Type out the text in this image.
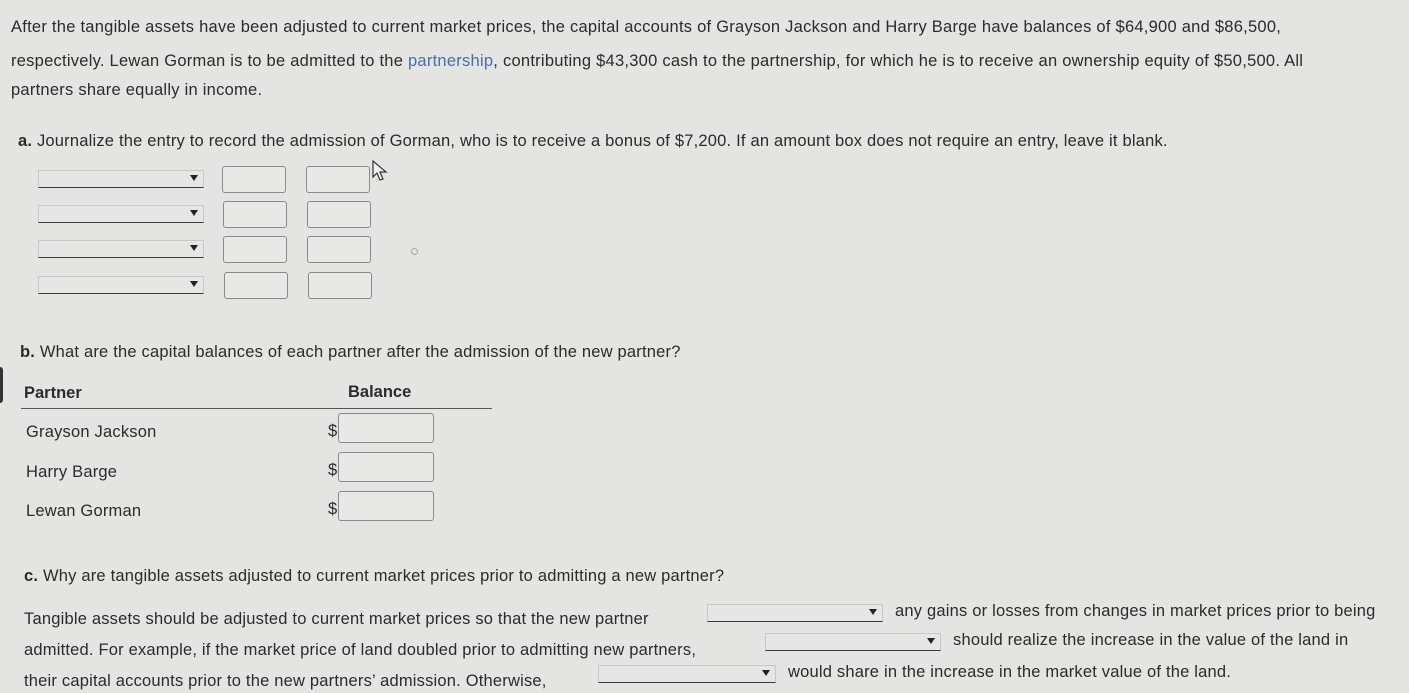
After the tangible assets have been adjusted to current market prices, the capital accounts of Grayson Jackson and Harry Barge have balances of $64,900 and $86,500,
respectively. Lewan Gorman is to be admitted to the partnership, contributing $43,300 cash to the partnership, for which he is to receive an ownership equity of $50,500. All
partners share equally in income.
a. Journalize the entry to record the admission of Gorman, who is to receive a bonus of $7,200. If an amount box does not require an entry, leave it blank.
b. What are the capital balances of each partner after the admission of the new partner?
Partner	Balance
Grayson Jackson	$
Harry Barge	$
Lewan Gorman	$
c. Why are tangible assets adjusted to current market prices prior to admitting a new partner?
Tangible assets should be adjusted to current market prices so that the new partner	any gains or losses from changes in market prices prior to being
admitted. For example, if the market price of land doubled prior to admitting new partners,
should realize the increase in the value of the land in
their capital accounts prior to the new partners’ admission. Otherwise,	would share in the increase in the market value of the land.
